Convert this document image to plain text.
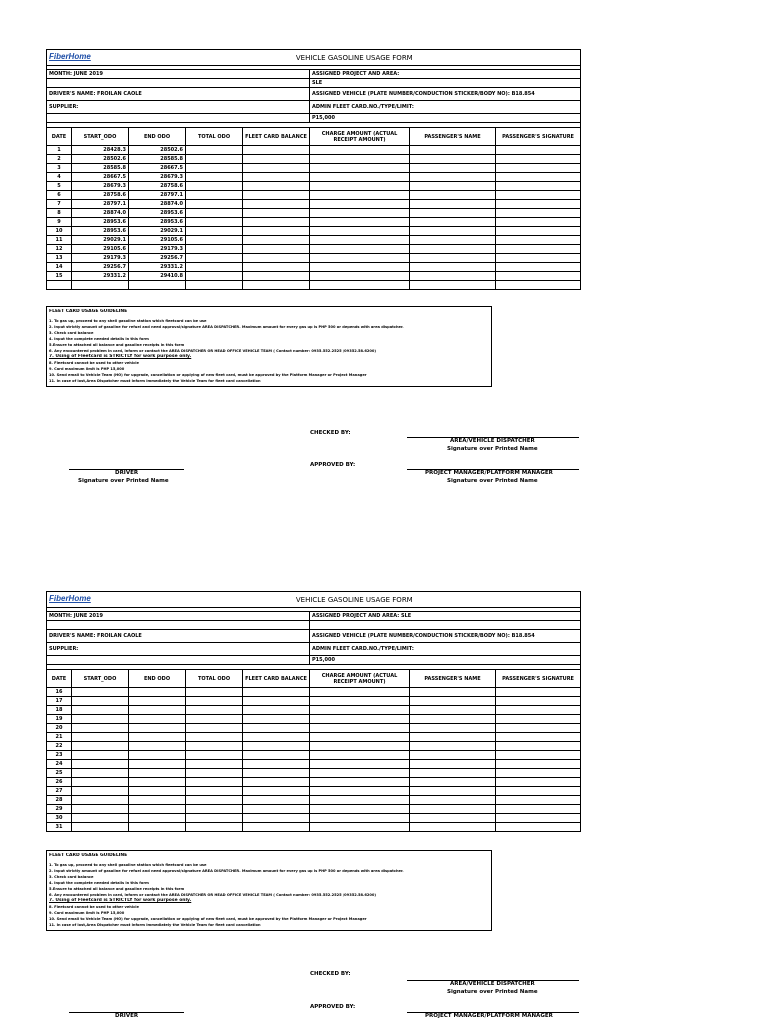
FiberHome		VEHICLE GASOLINE USAGE FORM					

MONTH: JUNE 2019					ASSIGNED PROJECT AND AREA:		
					SLE		
DRIVER'S NAME: FROILAN CAOLE					ASSIGNED VEHICLE (PLATE NUMBER/CONDUCTION STICKER/BODY NO): B18.854		
SUPPLIER:					ADMIN FLEET CARD.NO./TYPE/LIMIT:		
					P15,000		

DATE	START_ODO	END ODO	TOTAL ODO	FLEET CARD BALANCE	CHARGE AMOUNT (ACTUAL RECEIPT AMOUNT)	PASSENGER'S NAME	PASSENGER'S SIGNATURE
1	28428.3	28502.6					
2	28502.6	28585.8					
3	28585.8	28667.5					
4	28667.5	28679.3					
5	28679.3	28758.6					
6	28758.6	28797.1					
7	28797.1	28874.0					
8	28874.0	28953.6					
9	28953.6	28953.6					
10	28953.6	29029.1					
11	29029.1	29105.6					
12	29105.6	29179.3					
13	29179.3	29256.7					
14	29256.7	29331.2					
15	29331.2	29410.8					

FLEET CARD USAGE GUIDELINE
1. To gas up, proceed to any shell gasoline station which fleetcard can be use
2. Input strictly amount of gasoline for refuel and need approval/signature AREA DISPATCHER. Maximum amount for every gas up is PHP 500 or depends with area dispatcher.
3. Check card balance
4. Input the complete needed details in this form
5.Ensure to attached all balance and gasoline receipts in this form
6. Any encountered problem in card, inform or contact the AREA DISPATCHER OR HEAD OFFICE VEHICLE TEAM ( Contact number: 0935.552.2525 /09352.58.6200)
7. Using of Fleetcard is STRICTLY for work purpose only.
8. Fleetcard cannot be used to other vehicle
9. Card maximum limit is PHP 15,000
10. Send email to Vehicle Team (HO) for upgrade, cancellation or applying of new fleet card, must be approved by the Platform Manager or Project Manager
11. In case of lost,Area Dispatcher must inform immediately the Vehicle Team for fleet card cancellation
CHECKED BY:
AREA/VEHICLE DISPATCHER
Signature over Printed Name
APPROVED BY:
DRIVER
Signature over Printed Name
PROJECT MANAGER/PLATFORM MANAGER
Signature over Printed Name
FiberHome		VEHICLE GASOLINE USAGE FORM					

MONTH: JUNE 2019					ASSIGNED PROJECT AND AREA: SLE		

DRIVER'S NAME: FROILAN CAOLE					ASSIGNED VEHICLE (PLATE NUMBER/CONDUCTION STICKER/BODY NO): B18.854		
SUPPLIER:					ADMIN FLEET CARD.NO./TYPE/LIMIT:		
					P15,000		

DATE	START_ODO	END ODO	TOTAL ODO	FLEET CARD BALANCE	CHARGE AMOUNT (ACTUAL RECEIPT AMOUNT)	PASSENGER'S NAME	PASSENGER'S SIGNATURE
16							
17							
18							
19							
20							
21							
22							
23							
24							
25							
26							
27							
28							
29							
30							
31							
FLEET CARD USAGE GUIDELINE
1. To gas up, proceed to any shell gasoline station which fleetcard can be use
2. Input strictly amount of gasoline for refuel and need approval/signature AREA DISPATCHER. Maximum amount for every gas up is PHP 500 or depends with area dispatcher.
3. Check card balance
4. Input the complete needed details in this form
5.Ensure to attached all balance and gasoline receipts in this form
6. Any encountered problem in card, inform or contact the AREA DISPATCHER OR HEAD OFFICE VEHICLE TEAM ( Contact number: 0935.552.2525 /09352.58.6200)
7. Using of Fleetcard is STRICTLY for work purpose only.
8. Fleetcard cannot be used to other vehicle
9. Card maximum limit is PHP 15,000
10. Send email to Vehicle Team (HO) for upgrade, cancellation or applying of new fleet card, must be approved by the Platform Manager or Project Manager
11. In case of lost,Area Dispatcher must inform immediately the Vehicle Team for fleet card cancellation
CHECKED BY:
AREA/VEHICLE DISPATCHER
Signature over Printed Name
APPROVED BY:
DRIVER	PROJECT MANAGER/PLATFORM MANAGER
